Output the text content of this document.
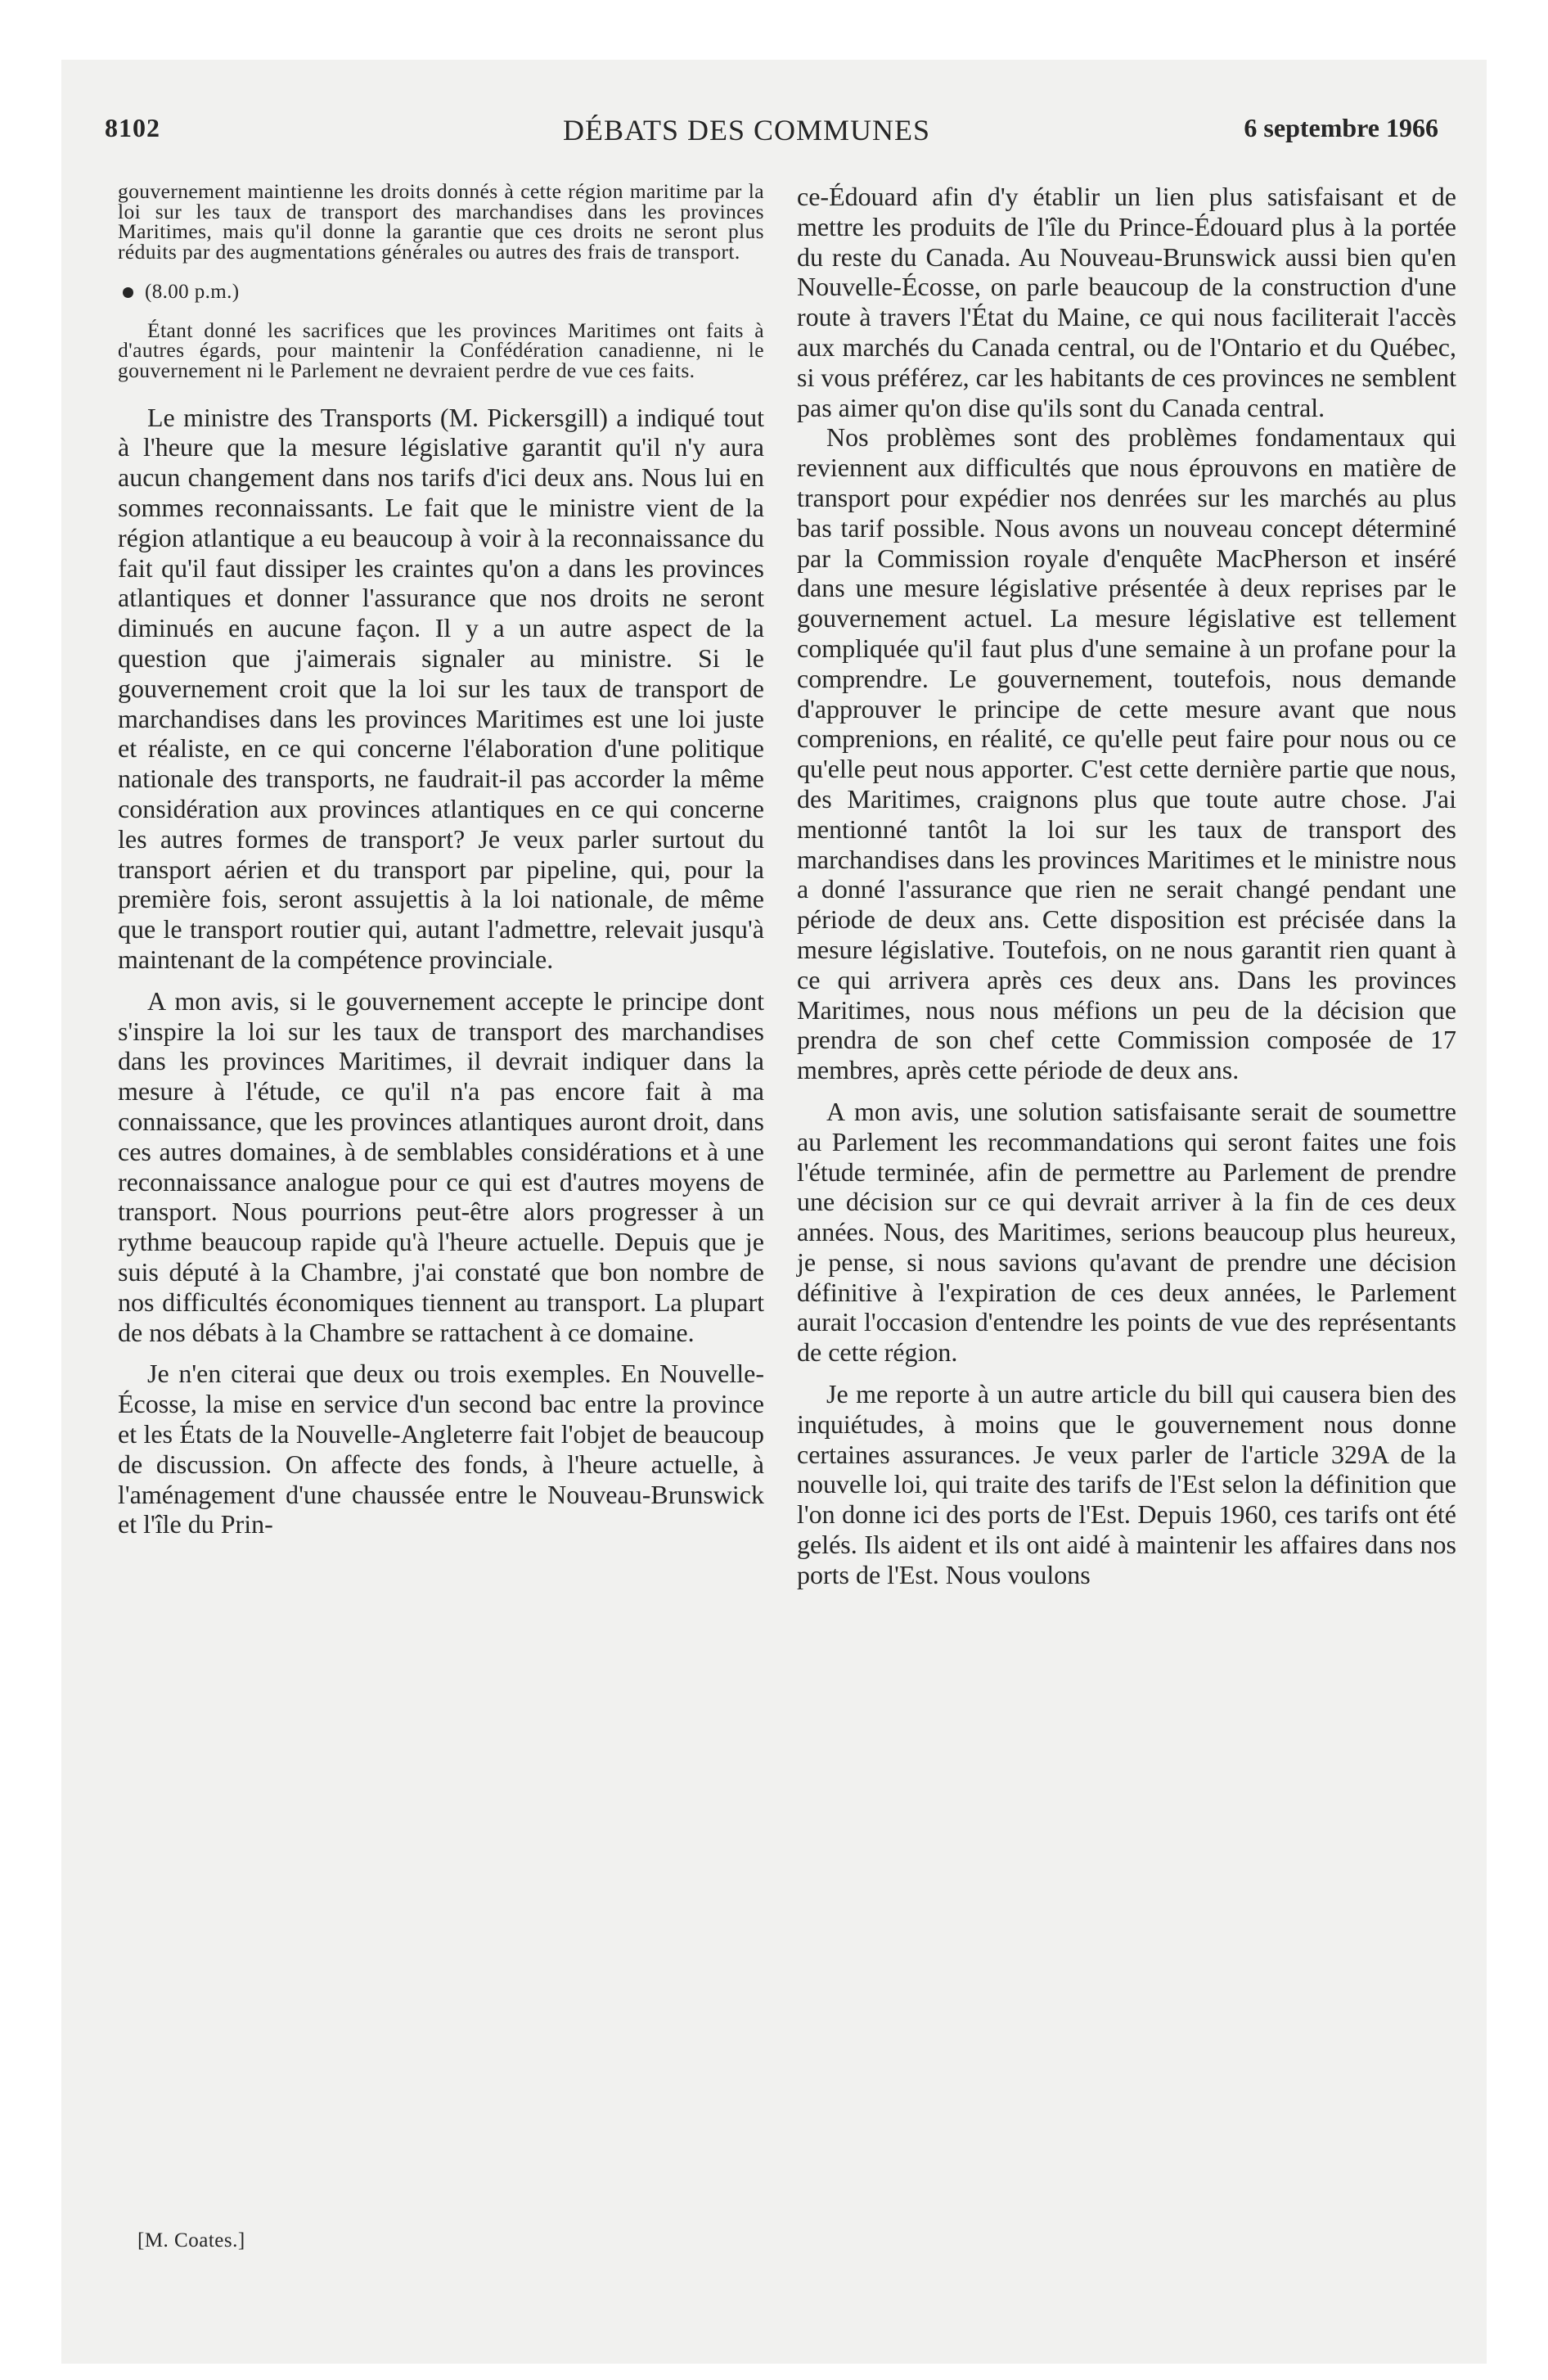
8102	DÉBATS DES COMMUNES	6 septembre 1966

gouvernement maintienne les droits donnés à cette région maritime par la loi sur les taux de transport des marchandises dans les provinces Maritimes, mais qu'il donne la garantie que ces droits ne seront plus réduits par des augmentations générales ou autres des frais de transport.

(8.00 p.m.)

Étant donné les sacrifices que les provinces Maritimes ont faits à d'autres égards, pour maintenir la Confédération canadienne, ni le gouvernement ni le Parlement ne devraient perdre de vue ces faits.

Le ministre des Transports (M. Pickersgill) a indiqué tout à l'heure que la mesure législative garantit qu'il n'y aura aucun changement dans nos tarifs d'ici deux ans. Nous lui en sommes reconnaissants. Le fait que le ministre vient de la région atlantique a eu beaucoup à voir à la reconnaissance du fait qu'il faut dissiper les craintes qu'on a dans les provinces atlantiques et donner l'assurance que nos droits ne seront diminués en aucune façon. Il y a un autre aspect de la question que j'aimerais signaler au ministre. Si le gouvernement croit que la loi sur les taux de transport de marchandises dans les provinces Maritimes est une loi juste et réaliste, en ce qui concerne l'élaboration d'une politique nationale des transports, ne faudrait-il pas accorder la même considération aux provinces atlantiques en ce qui concerne les autres formes de transport? Je veux parler surtout du transport aérien et du transport par pipeline, qui, pour la première fois, seront assujettis à la loi nationale, de même que le transport routier qui, autant l'admettre, relevait jusqu'à maintenant de la compétence provinciale.

A mon avis, si le gouvernement accepte le principe dont s'inspire la loi sur les taux de transport des marchandises dans les provinces Maritimes, il devrait indiquer dans la mesure à l'étude, ce qu'il n'a pas encore fait à ma connaissance, que les provinces atlantiques auront droit, dans ces autres domaines, à de semblables considérations et à une reconnaissance analogue pour ce qui est d'autres moyens de transport. Nous pourrions peut-être alors progresser à un rythme beaucoup rapide qu'à l'heure actuelle. Depuis que je suis député à la Chambre, j'ai constaté que bon nombre de nos difficultés économiques tiennent au transport. La plupart de nos débats à la Chambre se rattachent à ce domaine.

Je n'en citerai que deux ou trois exemples. En Nouvelle-Écosse, la mise en service d'un second bac entre la province et les États de la Nouvelle-Angleterre fait l'objet de beaucoup de discussion. On affecte des fonds, à l'heure actuelle, à l'aménagement d'une chaussée entre le Nouveau-Brunswick et l'île du Prin-

ce-Édouard afin d'y établir un lien plus satisfaisant et de mettre les produits de l'île du Prince-Édouard plus à la portée du reste du Canada. Au Nouveau-Brunswick aussi bien qu'en Nouvelle-Écosse, on parle beaucoup de la construction d'une route à travers l'État du Maine, ce qui nous faciliterait l'accès aux marchés du Canada central, ou de l'Ontario et du Québec, si vous préférez, car les habitants de ces provinces ne semblent pas aimer qu'on dise qu'ils sont du Canada central.

Nos problèmes sont des problèmes fondamentaux qui reviennent aux difficultés que nous éprouvons en matière de transport pour expédier nos denrées sur les marchés au plus bas tarif possible. Nous avons un nouveau concept déterminé par la Commission royale d'enquête MacPherson et inséré dans une mesure législative présentée à deux reprises par le gouvernement actuel. La mesure législative est tellement compliquée qu'il faut plus d'une semaine à un profane pour la comprendre. Le gouvernement, toutefois, nous demande d'approuver le principe de cette mesure avant que nous comprenions, en réalité, ce qu'elle peut faire pour nous ou ce qu'elle peut nous apporter. C'est cette dernière partie que nous, des Maritimes, craignons plus que toute autre chose. J'ai mentionné tantôt la loi sur les taux de transport des marchandises dans les provinces Maritimes et le ministre nous a donné l'assurance que rien ne serait changé pendant une période de deux ans. Cette disposition est précisée dans la mesure législative. Toutefois, on ne nous garantit rien quant à ce qui arrivera après ces deux ans. Dans les provinces Maritimes, nous nous méfions un peu de la décision que prendra de son chef cette Commission composée de 17 membres, après cette période de deux ans.

A mon avis, une solution satisfaisante serait de soumettre au Parlement les recommandations qui seront faites une fois l'étude terminée, afin de permettre au Parlement de prendre une décision sur ce qui devrait arriver à la fin de ces deux années. Nous, des Maritimes, serions beaucoup plus heureux, je pense, si nous savions qu'avant de prendre une décision définitive à l'expiration de ces deux années, le Parlement aurait l'occasion d'entendre les points de vue des représentants de cette région.

Je me reporte à un autre article du bill qui causera bien des inquiétudes, à moins que le gouvernement nous donne certaines assurances. Je veux parler de l'article 329A de la nouvelle loi, qui traite des tarifs de l'Est selon la définition que l'on donne ici des ports de l'Est. Depuis 1960, ces tarifs ont été gelés. Ils aident et ils ont aidé à maintenir les affaires dans nos ports de l'Est. Nous voulons

[M. Coates.]
